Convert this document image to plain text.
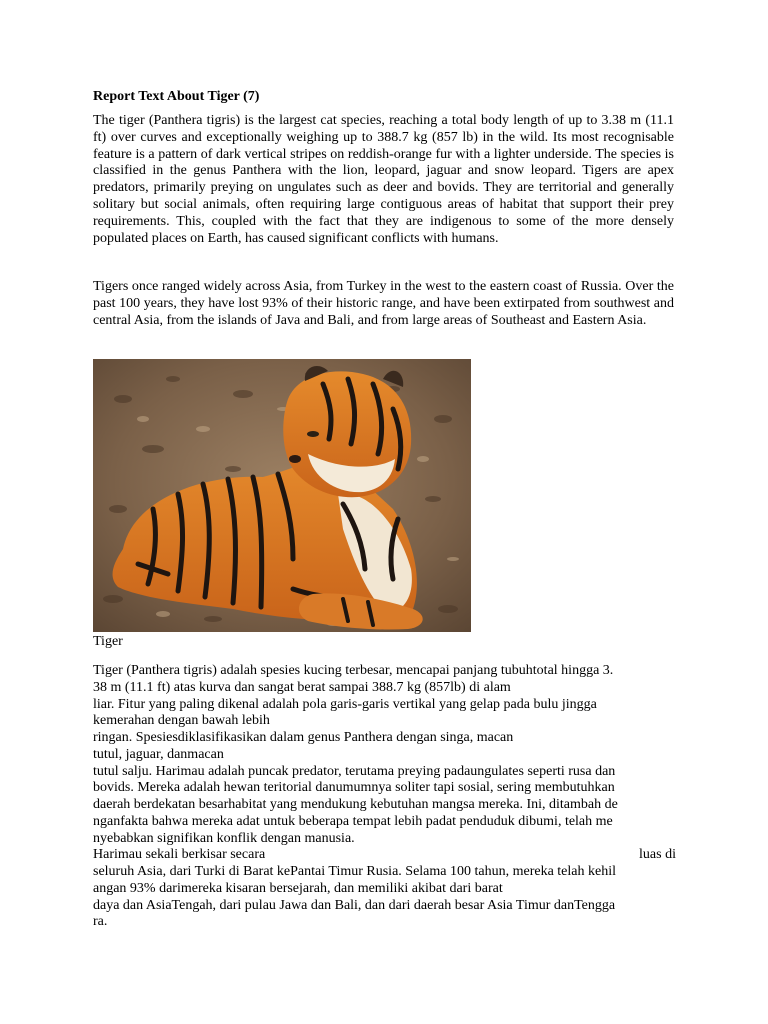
Report Text About Tiger (7)

The tiger (Panthera tigris) is the largest cat species, reaching a total body length of up to 3.38 m (11.1 ft) over curves and exceptionally weighing up to 388.7 kg (857 lb) in the wild. Its most recognisable feature is a pattern of dark vertical stripes on reddish-orange fur with a lighter underside. The species is classified in the genus Panthera with the lion, leopard, jaguar and snow leopard. Tigers are apex predators, primarily preying on ungulates such as deer and bovids. They are territorial and generally solitary but social animals, often requiring large contiguous areas of habitat that support their prey requirements. This, coupled with the fact that they are indigenous to some of the more densely populated places on Earth, has caused significant conflicts with humans.

Tigers once ranged widely across Asia, from Turkey in the west to the eastern coast of Russia. Over the past 100 years, they have lost 93% of their historic range, and have been extirpated from southwest and central Asia, from the islands of Java and Bali, and from large areas of Southeast and Eastern Asia.

Tiger

Tiger (Panthera tigris) adalah spesies kucing terbesar, mencapai panjang tubuhtotal hingga 3.
38 m (11.1 ft) atas kurva dan sangat berat sampai 388.7 kg (857lb) di alam
liar. Fitur yang paling dikenal adalah pola garis-garis vertikal yang gelap pada bulu jingga
kemerahan dengan bawah lebih
ringan. Spesiesdiklasifikasikan dalam genus Panthera dengan singa, macan
tutul, jaguar, danmacan
tutul salju. Harimau adalah puncak predator, terutama preying padaungulates seperti rusa dan
bovids. Mereka adalah hewan teritorial danumumnya soliter tapi sosial, sering membutuhkan
daerah berdekatan besarhabitat yang mendukung kebutuhan mangsa mereka. Ini, ditambah de
nganfakta bahwa mereka adat untuk beberapa tempat lebih padat penduduk dibumi, telah me
nyebabkan signifikan konflik dengan manusia.
Harimau sekali berkisar secara	luas di
seluruh Asia, dari Turki di Barat kePantai Timur Rusia. Selama 100 tahun, mereka telah kehil
angan 93% darimereka kisaran bersejarah, dan memiliki akibat dari barat
daya dan AsiaTengah, dari pulau Jawa dan Bali, dan dari daerah besar Asia Timur danTengga
ra.
